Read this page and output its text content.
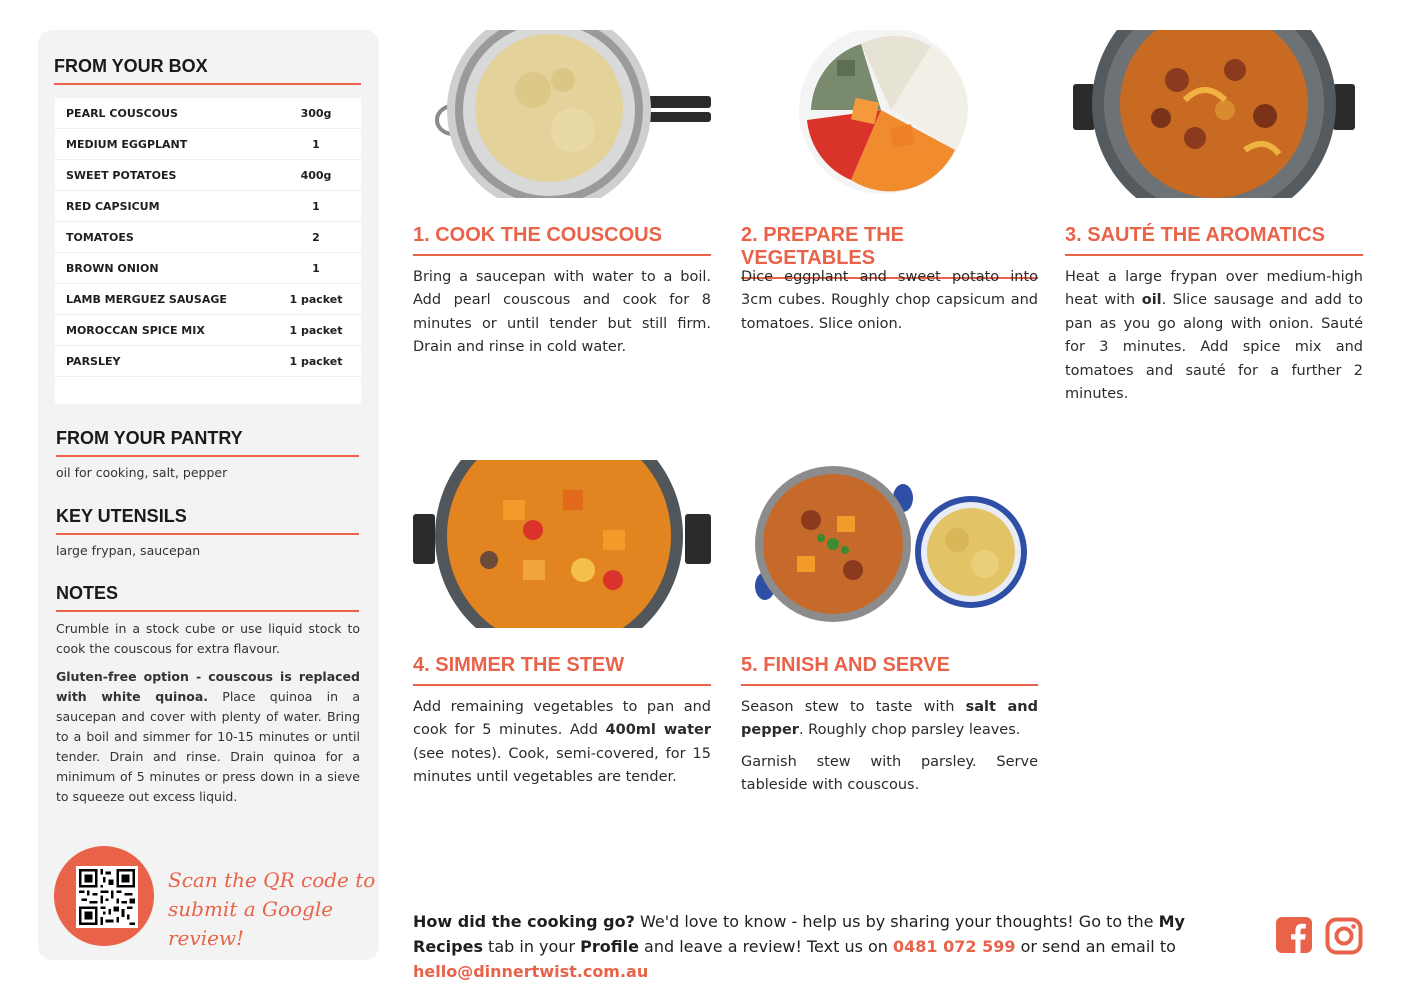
FROM YOUR BOX
PEARL COUSCOUS	300g
MEDIUM EGGPLANT	1
SWEET POTATOES	400g
RED CAPSICUM	1
TOMATOES	2
BROWN ONION	1
LAMB MERGUEZ SAUSAGE	1 packet
MOROCCAN SPICE MIX	1 packet
PARSLEY	1 packet
FROM YOUR PANTRY
oil for cooking, salt, pepper
KEY UTENSILS
large frypan, saucepan
NOTES

Crumble in a stock cube or use liquid stock to cook the couscous for extra flavour.

Gluten-free option - couscous is replaced with white quinoa. Place quinoa in a saucepan and cover with plenty of water. Bring to a boil and simmer for 10-15 minutes or until tender. Drain and rinse. Drain quinoa for a minimum of 5 minutes or press down in a sieve to squeeze out excess liquid.

Scan the QR code to
submit a Google review!
1. COOK THE COUSCOUS
Bring a saucepan with water to a boil. Add pearl couscous and cook for 8 minutes or until tender but still firm. Drain and rinse in cold water.
2. PREPARE THE VEGETABLES
Dice eggplant and sweet potato into 3cm cubes. Roughly chop capsicum and tomatoes. Slice onion.
3. SAUTÉ THE AROMATICS
Heat a large frypan over medium-high heat with oil. Slice sausage and add to pan as you go along with onion. Sauté for 3 minutes. Add spice mix and tomatoes and sauté for a further 2 minutes.
4. SIMMER THE STEW
Add remaining vegetables to pan and cook for 5 minutes. Add 400ml water (see notes). Cook, semi-covered, for 15 minutes until vegetables are tender.
5. FINISH AND SERVE

Season stew to taste with salt and pepper. Roughly chop parsley leaves.

Garnish stew with parsley. Serve tableside with couscous.

How did the cooking go? We'd love to know - help us by sharing your thoughts! Go to the My Recipes tab in your Profile and leave a review! Text us on 0481 072 599 or send an email to hello@dinnertwist.com.au
